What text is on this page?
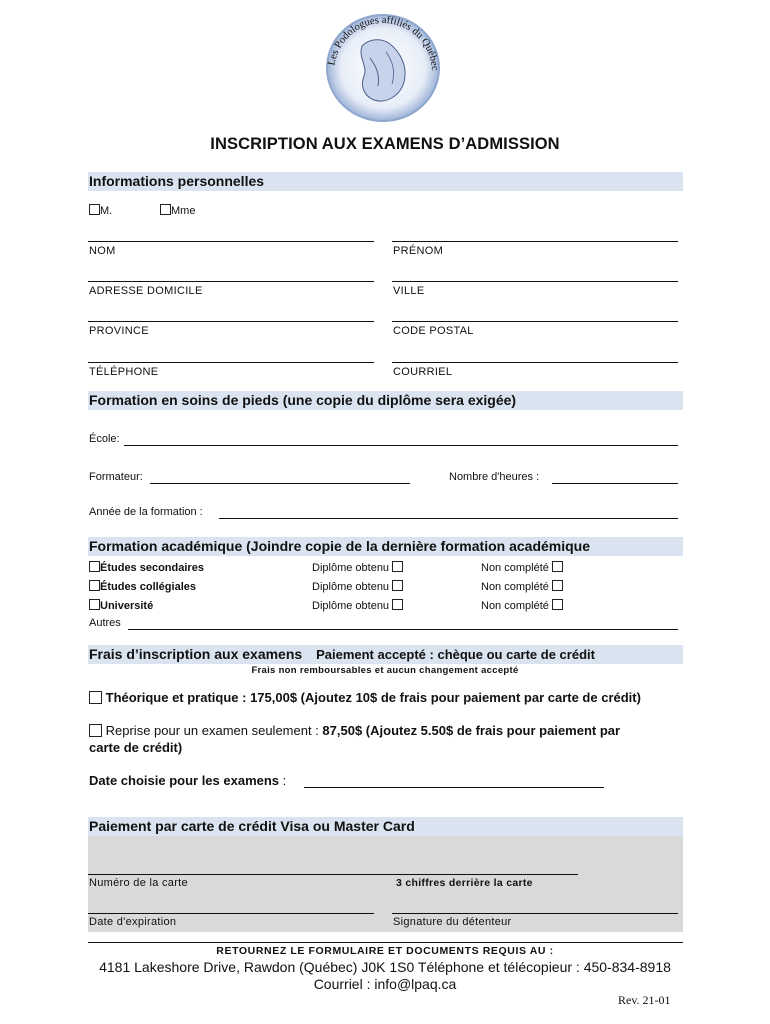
Les Podologues affiliés du Québec
INSCRIPTION AUX EXAMENS D’ADMISSION
Informations personnelles
M.	Mme
NOM	PRÉNOM
ADRESSE DOMICILE	VILLE
PROVINCE	CODE POSTAL
TÉLÉPHONE	COURRIEL
Formation en soins de pieds (une copie du diplôme sera exigée)
École:
Formateur:	Nombre d'heures :
Année de la formation :
Formation académique (Joindre copie de la dernière formation académique
Études secondaires	Diplôme obtenu	Non complété
Études collégiales	Diplôme obtenu	Non complété
Université	Diplôme obtenu	Non complété
Autres
Frais d’inscription aux examens Paiement accepté : chèque ou carte de crédit
Frais non remboursables et aucun changement accepté
Théorique et pratique : 175,00$ (Ajoutez 10$ de frais pour paiement par carte de crédit)
Reprise pour un examen seulement : 87,50$ (Ajoutez 5.50$ de frais pour paiement par
carte de crédit)
Date choisie pour les examens :
Paiement par carte de crédit Visa ou Master Card
Numéro de la carte	3 chiffres derrière la carte
Date d'expiration	Signature du détenteur
RETOURNEZ LE FORMULAIRE ET DOCUMENTS REQUIS AU :
4181 Lakeshore Drive, Rawdon (Québec) J0K 1S0 Téléphone et télécopieur : 450-834-8918
Courriel : info@lpaq.ca
Rev. 21-01
